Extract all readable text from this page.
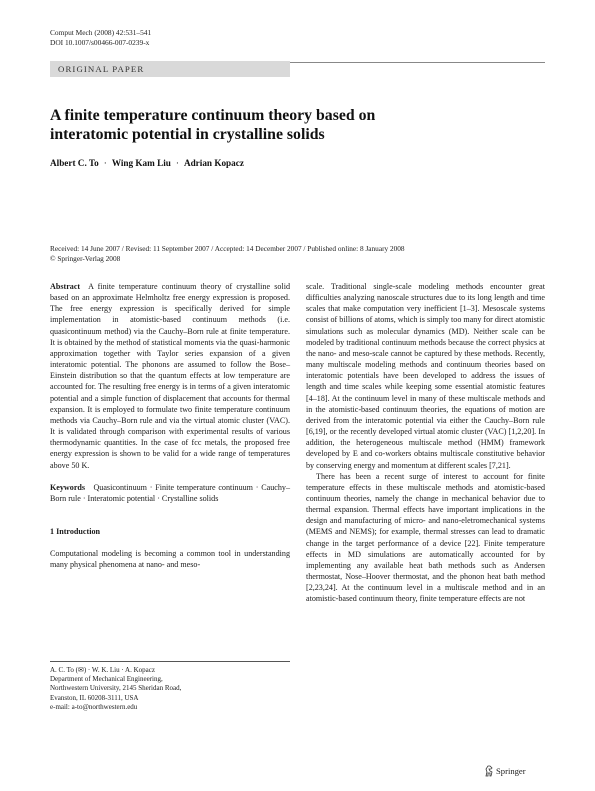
Comput Mech (2008) 42:531–541
DOI 10.1007/s00466-007-0239-x
ORIGINAL PAPER
A finite temperature continuum theory based on interatomic potential in crystalline solids
Albert C. To · Wing Kam Liu · Adrian Kopacz
Received: 14 June 2007 / Revised: 11 September 2007 / Accepted: 14 December 2007 / Published online: 8 January 2008
© Springer-Verlag 2008

Abstract A finite temperature continuum theory of crystalline solid based on an approximate Helmholtz free energy expression is proposed. The free energy expression is specifically derived for simple implementation in atomistic-based continuum methods (i.e. quasicontinuum method) via the Cauchy–Born rule at finite temperature. It is obtained by the method of statistical moments via the quasi-harmonic approximation together with Taylor series expansion of a given interatomic potential. The phonons are assumed to follow the Bose–Einstein distribution so that the quantum effects at low temperature are accounted for. The resulting free energy is in terms of a given interatomic potential and a simple function of displacement that accounts for thermal expansion. It is employed to formulate two finite temperature continuum methods via Cauchy–Born rule and via the virtual atomic cluster (VAC). It is validated through comparison with experimental results of various thermodynamic quantities. In the case of fcc metals, the proposed free energy expression is shown to be valid for a wide range of temperatures above 50 K.

Keywords Quasicontinuum · Finite temperature continuum · Cauchy–Born rule · Interatomic potential · Crystalline solids

1 Introduction

Computational modeling is becoming a common tool in understanding many physical phenomena at nano- and meso-

A. C. To (✉) · W. K. Liu · A. Kopacz
Department of Mechanical Engineering,
Northwestern University, 2145 Sheridan Road,
Evanston, IL 60208-3111, USA
e-mail: a-to@northwestern.edu

scale. Traditional single-scale modeling methods encounter great difficulties analyzing nanoscale structures due to its long length and time scales that make computation very inefficient [1–3]. Mesoscale systems consist of billions of atoms, which is simply too many for direct atomistic simulations such as molecular dynamics (MD). Neither scale can be modeled by traditional continuum methods because the correct physics at the nano- and meso-scale cannot be captured by these methods. Recently, many multiscale modeling methods and continuum theories based on interatomic potentials have been developed to address the issues of length and time scales while keeping some essential atomistic features [4–18]. At the continuum level in many of these multiscale methods and in the atomistic-based continuum theories, the equations of motion are derived from the interatomic potential via either the Cauchy–Born rule [6,19], or the recently developed virtual atomic cluster (VAC) [1,2,20]. In addition, the heterogeneous multiscale method (HMM) framework developed by E and co-workers obtains multiscale constitutive behavior by conserving energy and momentum at different scales [7,21].

There has been a recent surge of interest to account for finite temperature effects in these multiscale methods and atomistic-based continuum theories, namely the change in mechanical behavior due to thermal expansion. Thermal effects have important implications in the design and manufacturing of micro- and nano-eletromechanical systems (MEMS and NEMS); for example, thermal stresses can lead to dramatic change in the target performance of a device [22]. Finite temperature effects in MD simulations are automatically accounted for by implementing any available heat bath methods such as Andersen thermostat, Nose–Hoover thermostat, and the phonon heat bath method [2,23,24]. At the continuum level in a multiscale method and in an atomistic-based continuum theory, finite temperature effects are not

Springer
